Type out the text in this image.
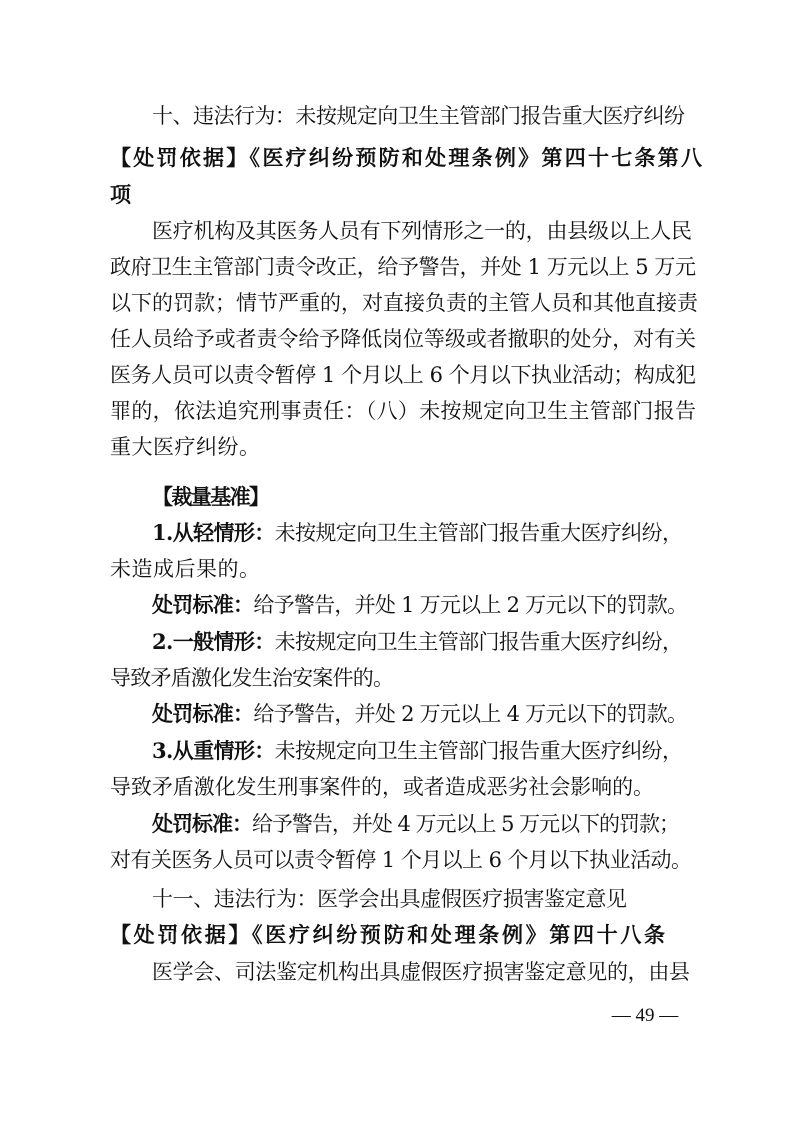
十、违法行为：未按规定向卫生主管部门报告重大医疗纠纷
【处罚依据】《医疗纠纷预防和处理条例》第四十七条第八
项
医疗机构及其医务人员有下列情形之一的，由县级以上人民
政府卫生主管部门责令改正，给予警告，并处 1 万元以上 5 万元
以下的罚款；情节严重的，对直接负责的主管人员和其他直接责
任人员给予或者责令给予降低岗位等级或者撤职的处分，对有关
医务人员可以责令暂停 1 个月以上 6 个月以下执业活动；构成犯
罪的，依法追究刑事责任：（八）未按规定向卫生主管部门报告
重大医疗纠纷。
【裁量基准】
1.从轻情形：未按规定向卫生主管部门报告重大医疗纠纷，
未造成后果的。
处罚标准：给予警告，并处 1 万元以上 2 万元以下的罚款。
2.一般情形：未按规定向卫生主管部门报告重大医疗纠纷，
导致矛盾激化发生治安案件的。
处罚标准：给予警告，并处 2 万元以上 4 万元以下的罚款。
3.从重情形：未按规定向卫生主管部门报告重大医疗纠纷，
导致矛盾激化发生刑事案件的，或者造成恶劣社会影响的。
处罚标准：给予警告，并处 4 万元以上 5 万元以下的罚款；
对有关医务人员可以责令暂停 1 个月以上 6 个月以下执业活动。
十一、违法行为：医学会出具虚假医疗损害鉴定意见
【处罚依据】《医疗纠纷预防和处理条例》第四十八条
医学会、司法鉴定机构出具虚假医疗损害鉴定意见的，由县
— 49 —
